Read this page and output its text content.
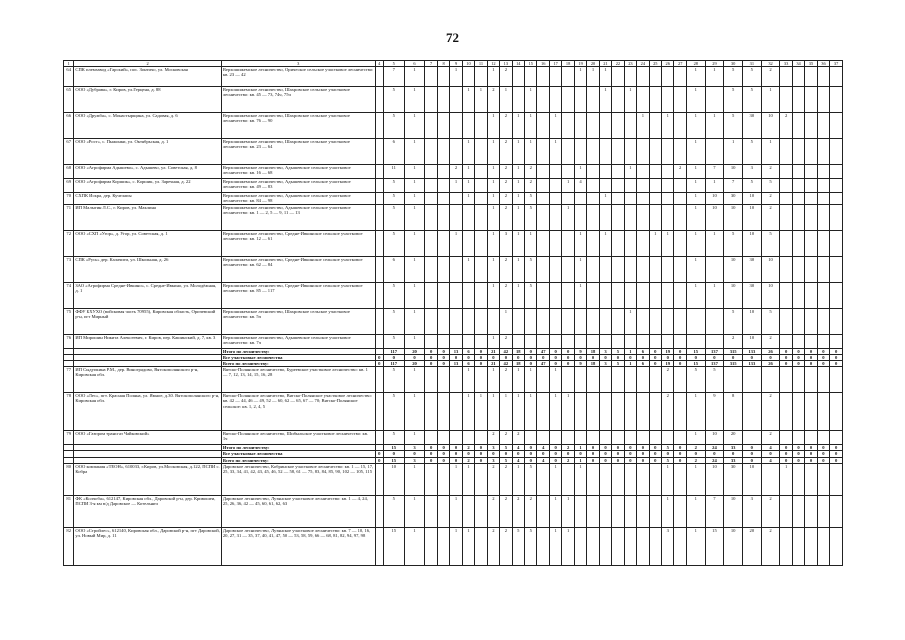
72
1	2	3	4	5	6	7	8	9	10	11	12	13	14	15	16	17	18	19	20	21	22	23	24	25	26	27	28	29	30	31	32	33	34	35	36	37
64	СПК племзавод «Гарский», пос. Зонтичо, ул. Московская	Верхошижемское лесничество, Орическое сельское участковое лесничество: кв. 23 — 42		7	1			1			1	2						1	1	1							1	1	5	5	2					
65	ООО «Дубрава», г. Киров, ул.Герцена, д. 88	Верхошижемское лесничество, Шахровское сельское участковое лесничество: кв. 45 — 73, 74ч, 75ч		5	1				1	1	2	1		1						1		1					1		5	5	1					
66	ООО «Дружба», с. Монастырщина, ул. Садовая, д. 6	Верхошижемское лесничество, Шахровское сельское участковое лесничество: кв. 76 — 90		5	1						1	2	1	1		1							1		1		1	1	5	30	10	2				
67	ООО «Рост», с. Пыжонки, ул. Октябрьская, д. 1	Верхошижемское лесничество, Шахровское сельское участковое лесничество: кв. 23 — 64		6	1				1		1	2	1	1		1											1		1	5	1					
68	ООО «Агрофирма Адышево», с. Адышево, ул. Советская, д. 8	Верхошижемское лесничество, Адышевское сельское участковое лесничество: кв. 16 — 68		11	1			2	1		1	2	1	2				1				1				2	1	7	10	3	2					
69	ООО «Агрофирма Коршик», с. Коршик, ул. Заречная, д. 22	Верхошижемское лесничество, Адышевское сельское участковое лесничество: кв. 49 — 83		5	1			1	1		1	2	1	2			1	4									1	1	7	5	5					
70	СХПК Искра, дер. Кучелапы	Верхошижемское лесничество, Адышевское сельское участковое лесничество: кв. 84 — 98		5	1				1		1	2	1	5						1							1	10	30	10	2					
71	ИП Малыгин Л.С., г. Киров, ул. Маклина	Верхошижемское лесничество, Адышевское сельское участковое лесничество: кв. 1 — 2, 5 — 9, 11 — 13		5	1						1	2	1	5			1										1	10	10	10	2					
72	ООО «СХП «Угор», д. Угор, ул. Советская, д. 1	Верхошижемское лесничество, Средне-Ивкинское сельское участковое лесничество: кв. 12 — 61		5	1			1			1	3	1	1				1		1				1	1		1	1	5	10	5					
73	СПК «Русь» дер. Калачиги, ул. Школьная, д. 26	Верхошижемское лесничество, Средне-Ивкинское сельское участковое лесничество: кв. 62 — 84		6	1				1		1	2	1	5				1									1		10	30	10					
74	ЗАО «Агрофирма Средне-Ивкино», с. Средне-Ивкино, ул. Молодёжная, д. 1	Верхошижемское лесничество, Средне-Ивкинское сельское участковое лесничество: кв. 85 — 117		5	1						1	2	1	5				1									1	1	10	30	10					
75	ФФУ БХУХО (войсковая часть 70955), Кировская область, Оричевский р-н, пгт Мирный	Верхошижемское лесничество, Шахровское сельское участковое лесничество: кв. 5ч		5	1							1										1							5	10	5					
76	ИП Мирошин Никита Алексеевич, г. Киров, пер. Кашинский, д. 7, кв. 3	Верхошижемское лесничество, Адышевское сельское участковое лесничество: кв. 7ч		5	1						1	2																	2	10	2					
		Итого по лесничеству:		117	20	0	0	13	6	0	21	42	18	0	47	0	0	9	18	3	5	1	6	0	19	0	15	137	315	133	26	0	0	0	0	0
		Все участковые лесничества	0	0	0	0	0	0	0	0	0	0	0	0	0	0	0	0	0	0	0	0	0	0	0	0	0	0	0	0	0	0	0	0	0	0
		Всего по лесничеству:	0	117	20	0	0	13	6	0	21	42	18	0	47	0	0	9	18	3	5	1	6	0	19	0	15	137	315	133	26	0	0	0	0	0
77	ИП Сыдупкина Р.М., дер. Виноградово, Вятскополянского р-н, Кировская обл.	Вятско-Полянское лесничество, Буреевское участковое лесничество: кв. 1 — 7, 12, 13, 14, 15, 16, 28		5	1				1		1	2	1	1		1									2		5	5								
78	ООО «Лес», пгт. Красная Поляна, ул. Ямное, д.30. Вятскополянского р-н, Кировская обл.	Вятско-Полянское лесничество, Вятско-Полянское участковое лесничество: кв. 42 — 44, 46 — 49, 52 — 60, 62 — 65, 67 — 70; Вятско-Полянское сельское: кв. 1, 2, 4, 5		5	1				1	1	1	1	1	1		1	1								2		1	9	8		2					
79	ООО «Газпром трансгаз Чайковский»	Вятско-Полянское лесничество, Шибыльское участковое лесничество: кв. 1ч		5	1						2	2	2														1	10	20		2					
		Итого по лесничеству:		15	3	0	0	0	2	0	3	5	4	0	4	0	2	1	0	0	0	0	0	0	5	0	2	24	33	0	4	0	0	0	0	0
		Все участковые лесничества	0	0	0	0	0	0	0	0	0	0	0	0	0	0	0	0	0	0	0	0	0	0	0	0	0	0	0	0	0	0	0	0	0	0
		Всего по лесничеству:	0	15	3	0	0	0	2	0	3	5	4	0	4	0	2	1	0	0	0	0	0	0	5	0	2	24	33	0	4	0	0	0	0	0
80	ООО компания «ТЕОН», 610033, г.Киров, ул.Московская, д.122, ПСПИ с. Кобра	Даровское лесничество, Кобринское участковое лесничество: кв. 1 — 15, 17, 25, 33, 34, 41, 42, 43, 45, 46, 52 — 58, 61 — 75, 83, 84, 85, 90, 102 — 105, 115		10	1			1	1		2	2	1	5		1		1							1		1	10	30	10		1				
81	ФК «Колчоба», 612147, Кировская обл., Даровской р-н, дер. Кривошеи, ПСПИ 3-я км в/д Даровское — Котельнич	Даровское лесничество, Лузянское участковое лесничество: кв. 1 — 4, 24, 25, 26, 36, 42 — 45, 60, 61, 62, 63		5	1			1			2	2	2	2		1	1								1		1	7	10	3	2					
82	ООО «Стройлес», 612140, Кировская обл., Даровской р-н, пгт Даровской, ул. Новый Мир, д. 11	Даровское лесничество, Лузянское участковое лесничество: кв. 7 — 10, 16, 20, 27, 31 — 35, 37, 40, 41, 47, 50 — 53, 58, 59, 66 — 68, 81, 82, 94, 97, 98		15	1			1	1		2	2	5	5		1	1								3		1	15	10	20	2					
